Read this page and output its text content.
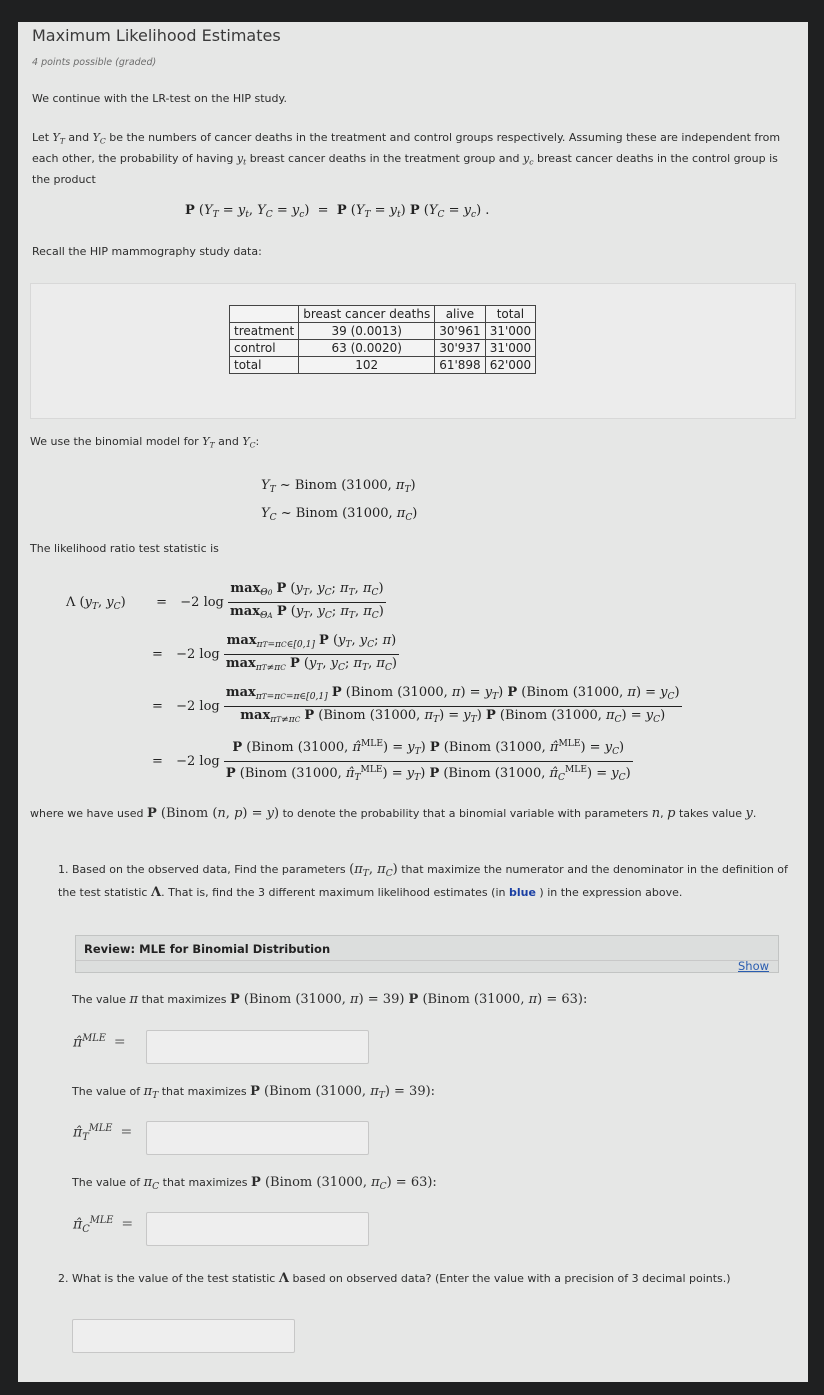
Maximum Likelihood Estimates
4 points possible (graded)
We continue with the LR-test on the HIP study.
Let $Y_T$ and $Y_C$ be the numbers of cancer deaths in the treatment and control groups respectively. Assuming these are independent from each other, the probability of having $y_t$ breast cancer deaths in the treatment group and $y_c$ breast cancer deaths in the control group is the product
P ($Y_T = y_t$, $Y_C = y_c) = P$ $(Y_T = y_t)$ P $(Y_C = y_c)$ .
Recall the HIP mammography study data:
	breast cancer deaths	alive	total
treatment	39 (0.0013)	30'961	31'000
control	63 (0.0020)	30'937	31'000
total	102	61'898	62'000
We use the binomial model for $Y_T$ and $Y_C$:
$Y_T$ ~ Binom (31000, $\pi_T$)
$Y_C$ ~ Binom (31000, $\pi_C$)
The likelihood ratio test statistic is
Λ ($y_T$, $y_C) = -2$ $\log \frac{\max_{\Theta 0} P (y_T, y_C; \pi_T, \pi_C)}{\max_{\Theta A} P (y_T, y_C; \pi_T, \pi_C)}$
= −2 $\log \frac{\max_{\pi T=\pi C\in[0,1]} P (y_T, y_C; \pi)}{\max_{\pi T\ne\pi C} P (y_T, y_C; \pi_T, \pi_C)}$
= −2 log
$\max_{\pi T=\pi C=\pi\in[0,1]} P$ (Binom (31000, $\pi) = y_T$) P (Binom (31000, $\pi) = y_C$)
$\max_{\pi T\ne\pi C} P$ (Binom (31000, $\pi_T) = y_T$) P (Binom (31000, $\pi_C) = y_C$)
= −2 log
P (Binom (31000, π̂$^{MLE}$) = $y_T$) P (Binom (31000, π̂$^{MLE}$) = $y_C$)
P (Binom (31000, $\pî_T^{MLE}) = y_T$) P (Binom (31000, $\pî_C^{MLE}) = y_C$)
where we have used P (Binom (n, p) = y) to denote the probability that a binomial variable with parameters n, p takes value y.
1. Based on the observed data, Find the parameters ($\pi_T$, $\pi_C$) that maximize the numerator and the denominator in the definition of the test statistic Λ. That is, find the 3 different maximum likelihood estimates (in blue ) in the expression above.
Review: MLE for Binomial Distribution
Show
The value π that maximizes P (Binom (31000, π) = 39) P (Binom (31000, π) = 63):
π̂$^{MLE}$ =
The value of $\pi_T$ that maximizes P (Binom (31000, $\pi_T) = 39$):
$\pî_T^{MLE}$ =
The value of $\pi_C$ that maximizes P (Binom (31000, $\pi_C) = 63$):
$\pî_C^{MLE}$ =
2. What is the value of the test statistic Λ based on observed data? (Enter the value with a precision of 3 decimal points.)
